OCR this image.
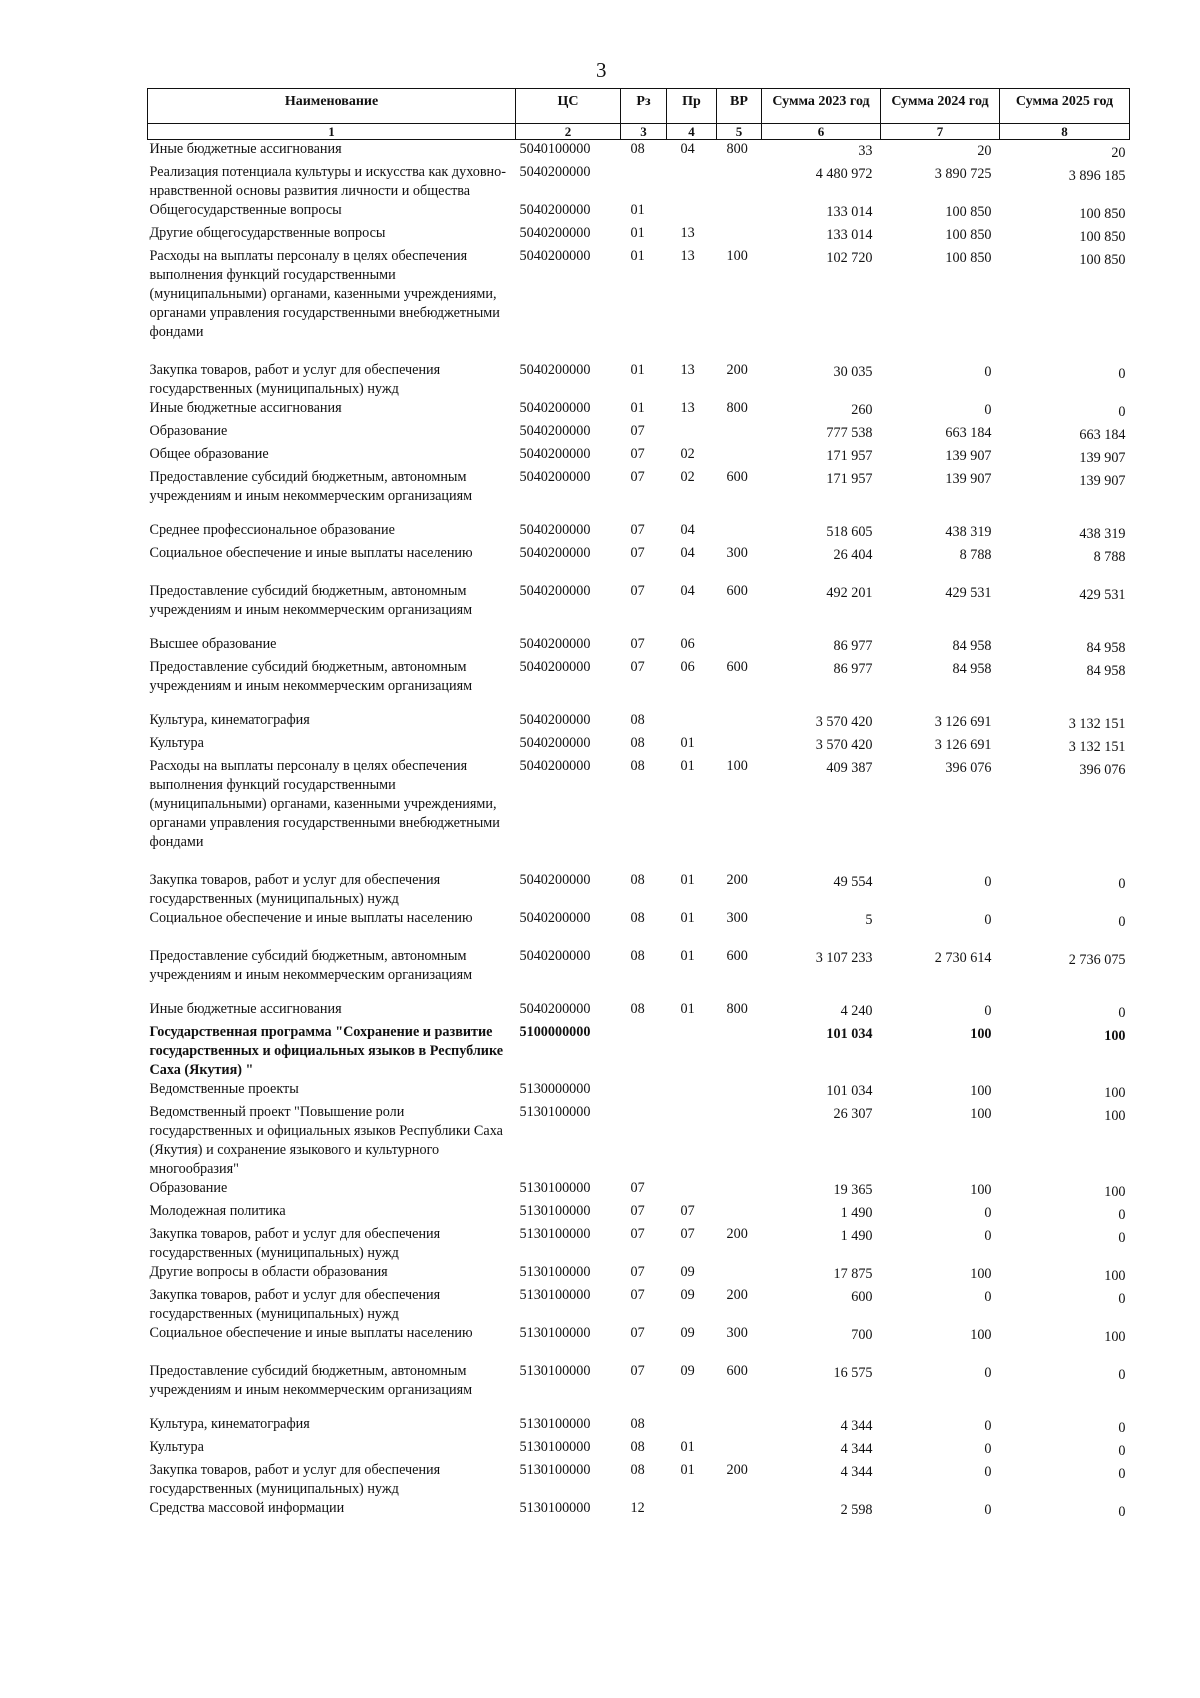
3
Наименование	ЦС	Рз	Пр	ВР	Сумма 2023 год	Сумма 2024 год	Сумма 2025 год
1	2	3	4	5	6	7	8
Иные бюджетные ассигнования	5040100000	08	04	800	33	20	20
Реализация потенциала культуры и искусства как духовно-нравственной основы развития личности и общества	5040200000				4 480 972	3 890 725	3 896 185
Общегосударственные вопросы	5040200000	01			133 014	100 850	100 850
Другие общегосударственные вопросы	5040200000	01	13		133 014	100 850	100 850
Расходы на выплаты персоналу в целях обеспечения выполнения функций государственными (муниципальными) органами, казенными учреждениями, органами управления государственными внебюджетными фондами	5040200000	01	13	100	102 720	100 850	100 850
Закупка товаров, работ и услуг для обеспечения государственных (муниципальных) нужд	5040200000	01	13	200	30 035	0	0
Иные бюджетные ассигнования	5040200000	01	13	800	260	0	0
Образование	5040200000	07			777 538	663 184	663 184
Общее образование	5040200000	07	02		171 957	139 907	139 907
Предоставление субсидий бюджетным, автономным учреждениям и иным некоммерческим организациям	5040200000	07	02	600	171 957	139 907	139 907
Среднее профессиональное образование	5040200000	07	04		518 605	438 319	438 319
Социальное обеспечение и иные выплаты населению	5040200000	07	04	300	26 404	8 788	8 788
Предоставление субсидий бюджетным, автономным учреждениям и иным некоммерческим организациям	5040200000	07	04	600	492 201	429 531	429 531
Высшее образование	5040200000	07	06		86 977	84 958	84 958
Предоставление субсидий бюджетным, автономным учреждениям и иным некоммерческим организациям	5040200000	07	06	600	86 977	84 958	84 958
Культура, кинематография	5040200000	08			3 570 420	3 126 691	3 132 151
Культура	5040200000	08	01		3 570 420	3 126 691	3 132 151
Расходы на выплаты персоналу в целях обеспечения выполнения функций государственными (муниципальными) органами, казенными учреждениями, органами управления государственными внебюджетными фондами	5040200000	08	01	100	409 387	396 076	396 076
Закупка товаров, работ и услуг для обеспечения государственных (муниципальных) нужд	5040200000	08	01	200	49 554	0	0
Социальное обеспечение и иные выплаты населению	5040200000	08	01	300	5	0	0
Предоставление субсидий бюджетным, автономным учреждениям и иным некоммерческим организациям	5040200000	08	01	600	3 107 233	2 730 614	2 736 075
Иные бюджетные ассигнования	5040200000	08	01	800	4 240	0	0
Государственная программа "Сохранение и развитие государственных и официальных языков в Республике Саха (Якутия) "	5100000000				101 034	100	100
Ведомственные проекты	5130000000				101 034	100	100
Ведомственный проект "Повышение роли государственных и официальных языков Республики Саха (Якутия) и сохранение языкового и культурного многообразия"	5130100000				26 307	100	100
Образование	5130100000	07			19 365	100	100
Молодежная политика	5130100000	07	07		1 490	0	0
Закупка товаров, работ и услуг для обеспечения государственных (муниципальных) нужд	5130100000	07	07	200	1 490	0	0
Другие вопросы в области образования	5130100000	07	09		17 875	100	100
Закупка товаров, работ и услуг для обеспечения государственных (муниципальных) нужд	5130100000	07	09	200	600	0	0
Социальное обеспечение и иные выплаты населению	5130100000	07	09	300	700	100	100
Предоставление субсидий бюджетным, автономным учреждениям и иным некоммерческим организациям	5130100000	07	09	600	16 575	0	0
Культура, кинематография	5130100000	08			4 344	0	0
Культура	5130100000	08	01		4 344	0	0
Закупка товаров, работ и услуг для обеспечения государственных (муниципальных) нужд	5130100000	08	01	200	4 344	0	0
Средства массовой информации	5130100000	12			2 598	0	0
